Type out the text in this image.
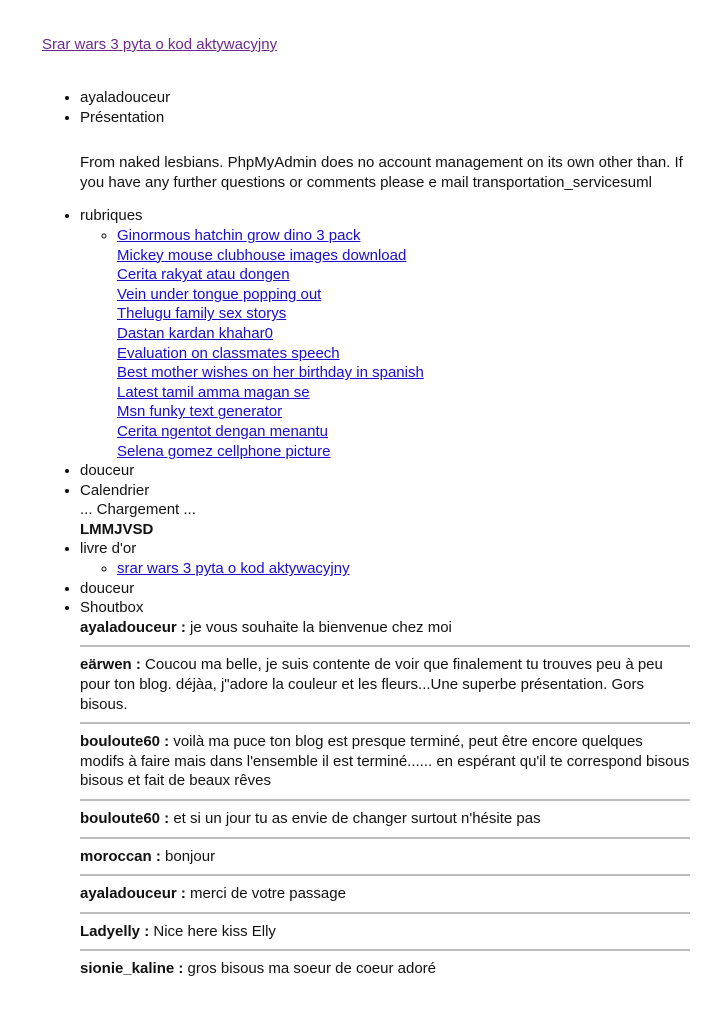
Srar wars 3 pyta o kod aktywacyjny
• ayaladouceur
• Présentation
From naked lesbians. PhpMyAdmin does no account management on its own other than. If you have any further questions or comments please e mail transportation_servicesuml
• rubriques
◦ Ginormous hatchin grow dino 3 pack
Mickey mouse clubhouse images download
Cerita rakyat atau dongen
Vein under tongue popping out
Thelugu family sex storys
Dastan kardan khahar0
Evaluation on classmates speech
Best mother wishes on her birthday in spanish
Latest tamil amma magan se
Msn funky text generator
Cerita ngentot dengan menantu
Selena gomez cellphone picture
• douceur
• Calendrier
... Chargement ...
LMMJVSD
• livre d'or
◦ srar wars 3 pyta o kod aktywacyjny
• douceur
• Shoutbox
ayaladouceur : je vous souhaite la bienvenue chez moi
eärwen : Coucou ma belle, je suis contente de voir que finalement tu trouves peu à peu pour ton blog. déjàa, j"adore la couleur et les fleurs...Une superbe présentation. Gors bisous.
bouloute60 : voilà ma puce ton blog est presque terminé, peut être encore quelques modifs à faire mais dans l'ensemble il est terminé...... en espérant qu'il te correspond bisous bisous et fait de beaux rêves
bouloute60 : et si un jour tu as envie de changer surtout n'hésite pas
moroccan : bonjour
ayaladouceur : merci de votre passage
Ladyelly : Nice here kiss Elly
sionie_kaline : gros bisous ma soeur de coeur adoré
